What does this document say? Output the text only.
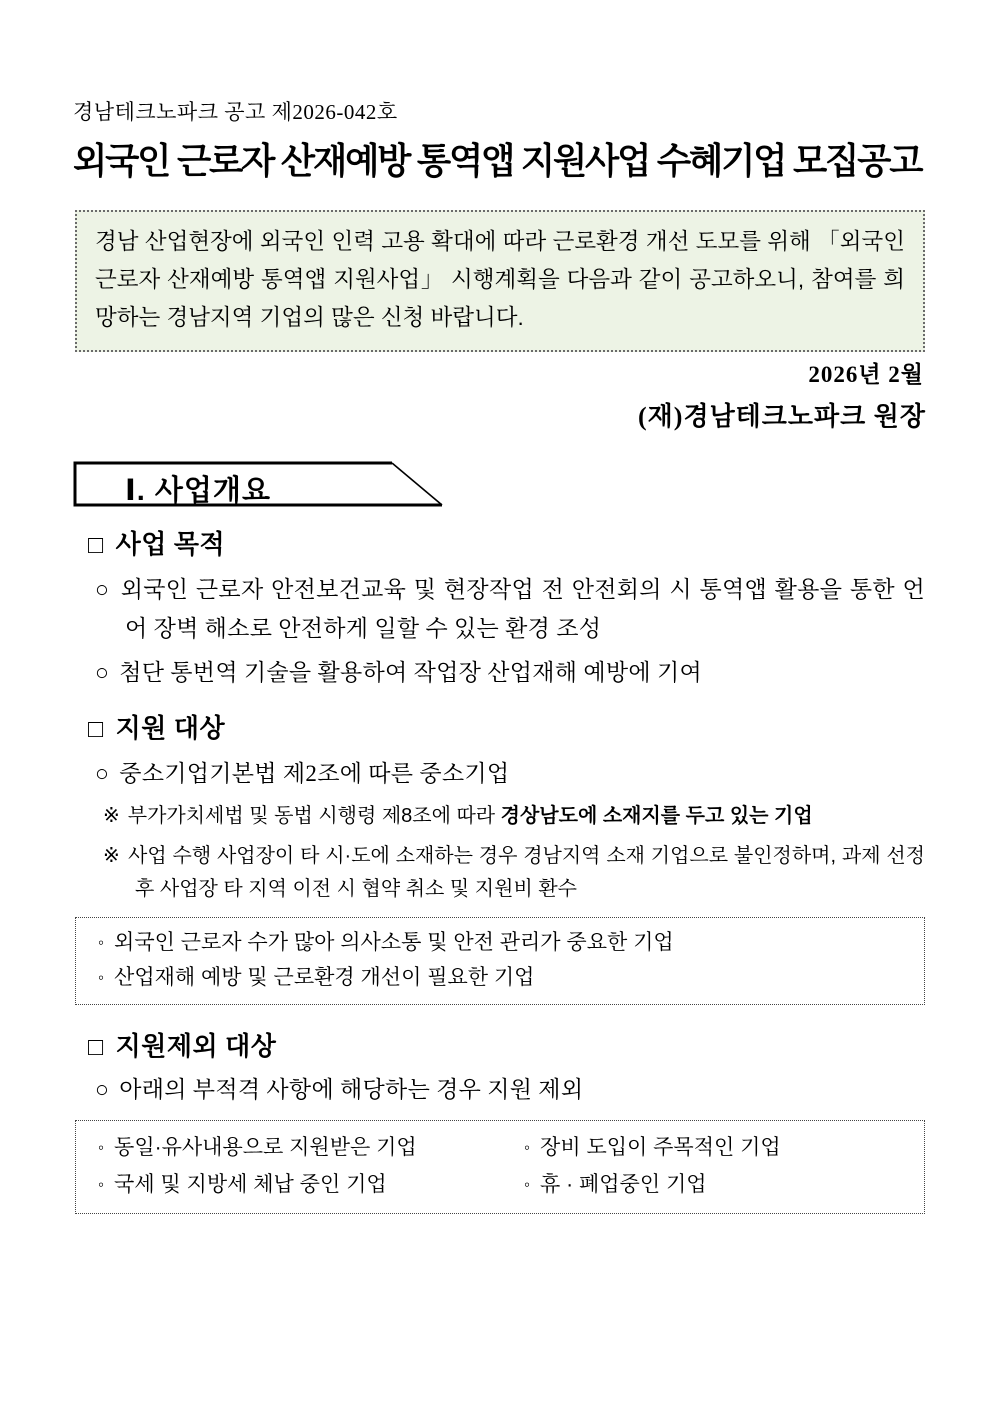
경남테크노파크 공고 제2026-042호
외국인 근로자 산재예방 통역앱 지원사업 수혜기업 모집공고

경남 산업현장에 외국인 인력 고용 확대에 따라 근로환경 개선 도모를 위해 「외국인 근로자 산재예방 통역앱 지원사업」 시행계획을 다음과 같이 공고하오니, 참여를 희망하는 경남지역 기업의 많은 신청 바랍니다.

2026년 2월
(재)경남테크노파크 원장
Ⅰ. 사업개요
□ 사업 목적
○ 외국인 근로자 안전보건교육 및 현장작업 전 안전회의 시 통역앱 활용을 통한 언어 장벽 해소로 안전하게 일할 수 있는 환경 조성
○ 첨단 통번역 기술을 활용하여 작업장 산업재해 예방에 기여
□ 지원 대상
○ 중소기업기본법 제2조에 따른 중소기업
※ 부가가치세법 및 동법 시행령 제8조에 따라 경상남도에 소재지를 두고 있는 기업
※ 사업 수행 사업장이 타 시·도에 소재하는 경우 경남지역 소재 기업으로 불인정하며, 과제 선정 후 사업장 타 지역 이전 시 협약 취소 및 지원비 환수
◦ 외국인 근로자 수가 많아 의사소통 및 안전 관리가 중요한 기업
◦ 산업재해 예방 및 근로환경 개선이 필요한 기업
□ 지원제외 대상
○ 아래의 부적격 사항에 해당하는 경우 지원 제외
◦ 동일·유사내용으로 지원받은 기업	◦ 장비 도입이 주목적인 기업
◦ 국세 및 지방세 체납 중인 기업	◦ 휴 · 폐업중인 기업
